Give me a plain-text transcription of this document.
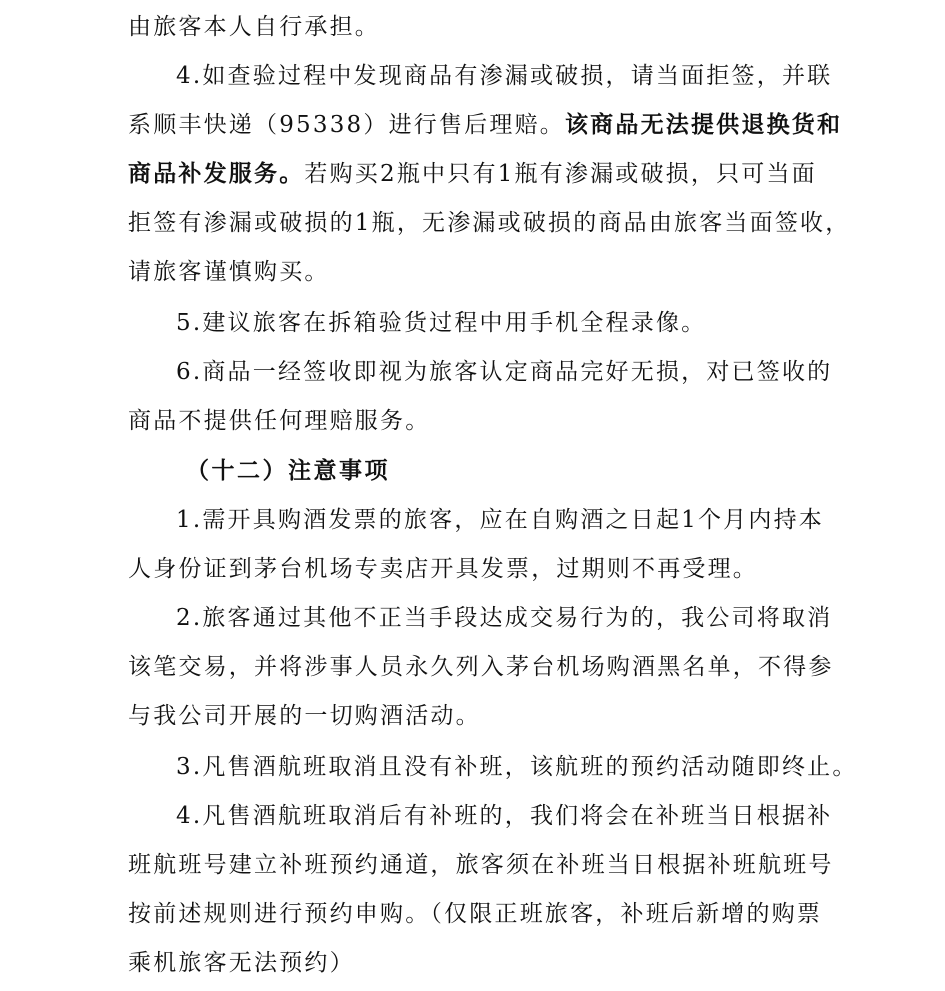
由旅客本人自行承担。
4.如查验过程中发现商品有渗漏或破损，请当面拒签，并联
系顺丰快递（95338）进行售后理赔。该商品无法提供退换货和
商品补发服务。若购买2瓶中只有1瓶有渗漏或破损，只可当面
拒签有渗漏或破损的1瓶，无渗漏或破损的商品由旅客当面签收，
请旅客谨慎购买。
5.建议旅客在拆箱验货过程中用手机全程录像。
6.商品一经签收即视为旅客认定商品完好无损，对已签收的
商品不提供任何理赔服务。
（十二）注意事项
1.需开具购酒发票的旅客，应在自购酒之日起1个月内持本
人身份证到茅台机场专卖店开具发票，过期则不再受理。
2.旅客通过其他不正当手段达成交易行为的，我公司将取消
该笔交易，并将涉事人员永久列入茅台机场购酒黑名单，不得参
与我公司开展的一切购酒活动。
3.凡售酒航班取消且没有补班，该航班的预约活动随即终止。
4.凡售酒航班取消后有补班的，我们将会在补班当日根据补
班航班号建立补班预约通道，旅客须在补班当日根据补班航班号
按前述规则进行预约申购。（仅限正班旅客，补班后新增的购票
乘机旅客无法预约）
